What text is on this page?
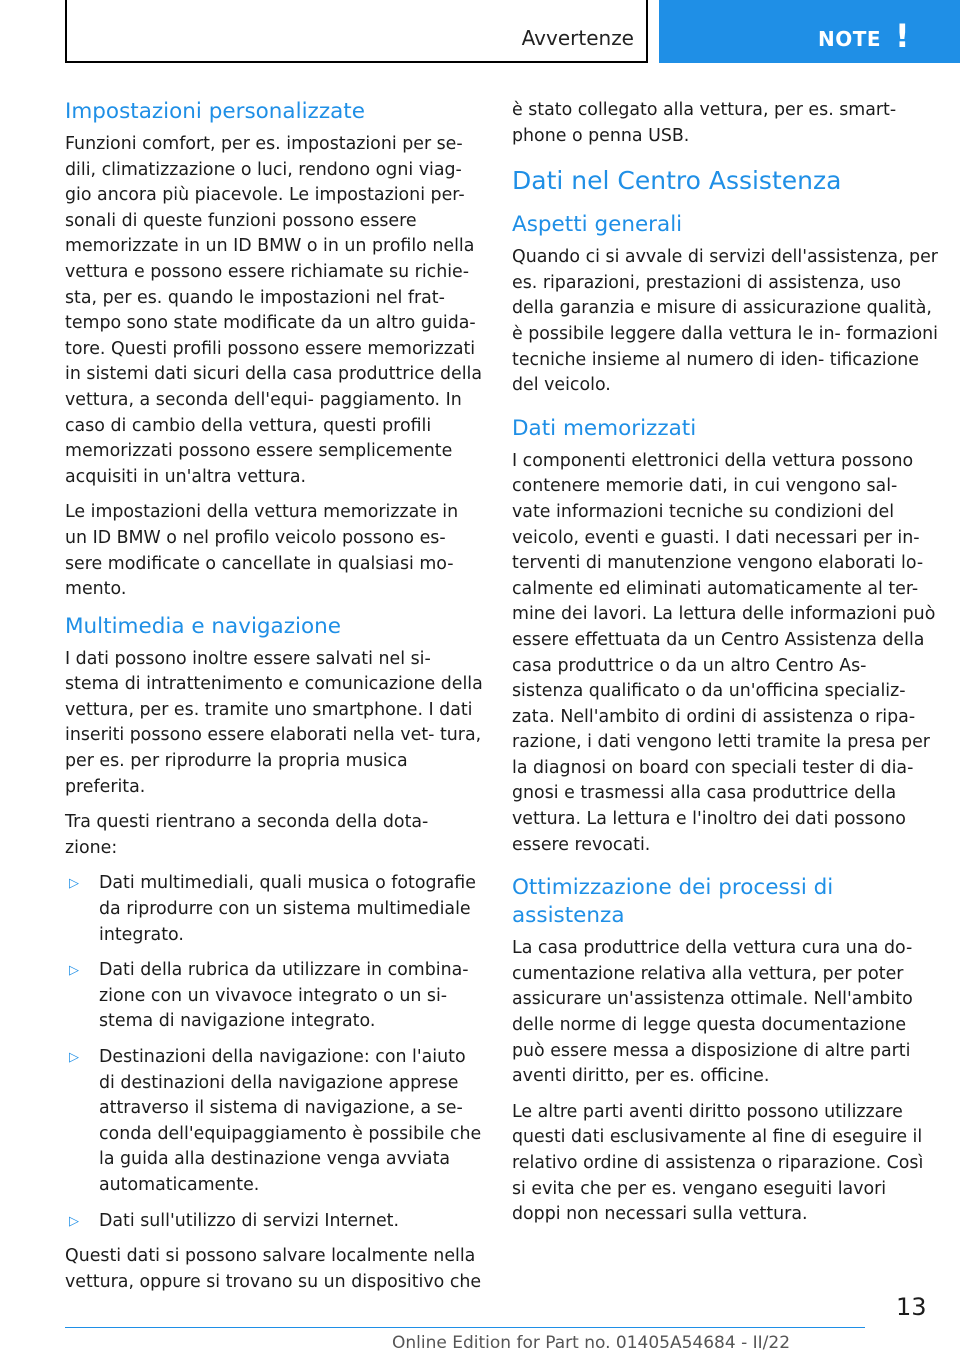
Avvertenze	NOTE !
Impostazioni personalizzate

Funzioni comfort, per es. impostazioni per se- dili, climatizzazione o luci, rendono ogni viag- gio ancora più piacevole. Le impostazioni per- sonali di queste funzioni possono essere memorizzate in un ID BMW o in un profilo nella vettura e possono essere richiamate su richie- sta, per es. quando le impostazioni nel frat- tempo sono state modificate da un altro guida- tore. Questi profili possono essere memorizzati in sistemi dati sicuri della casa produttrice della vettura, a seconda dell'equi- paggiamento. In caso di cambio della vettura, questi profili memorizzati possono essere semplicemente acquisiti in un'altra vettura.

Le impostazioni della vettura memorizzate in un ID BMW o nel profilo veicolo possono es- sere modificate o cancellate in qualsiasi mo- mento.

Multimedia e navigazione

I dati possono inoltre essere salvati nel si- stema di intrattenimento e comunicazione della vettura, per es. tramite uno smartphone. I dati inseriti possono essere elaborati nella vet- tura, per es. per riprodurre la propria musica preferita.

Tra questi rientrano a seconda della dota- zione:

▷	Dati multimediali, quali musica o fotografie da riprodurre con un sistema multimediale integrato.
▷	Dati della rubrica da utilizzare in combina- zione con un vivavoce integrato o un si- stema di navigazione integrato.
▷	Destinazioni della navigazione: con l'aiuto di destinazioni della navigazione apprese attraverso il sistema di navigazione, a se- conda dell'equipaggiamento è possibile che la guida alla destinazione venga avviata automaticamente.
▷	Dati sull'utilizzo di servizi Internet.

Questi dati si possono salvare localmente nella vettura, oppure si trovano su un dispositivo che

è stato collegato alla vettura, per es. smart- phone o penna USB.

Dati nel Centro Assistenza
Aspetti generali

Quando ci si avvale di servizi dell'assistenza, per es. riparazioni, prestazioni di assistenza, uso della garanzia e misure di assicurazione qualità, è possibile leggere dalla vettura le in- formazioni tecniche insieme al numero di iden- tificazione del veicolo.

Dati memorizzati

I componenti elettronici della vettura possono contenere memorie dati, in cui vengono sal- vate informazioni tecniche su condizioni del veicolo, eventi e guasti. I dati necessari per in- terventi di manutenzione vengono elaborati lo- calmente ed eliminati automaticamente al ter- mine dei lavori. La lettura delle informazioni può essere effettuata da un Centro Assistenza della casa produttrice o da un altro Centro As- sistenza qualificato o da un'officina specializ- zata. Nell'ambito di ordini di assistenza o ripa- razione, i dati vengono letti tramite la presa per la diagnosi on board con speciali tester di dia- gnosi e trasmessi alla casa produttrice della vettura. La lettura e l'inoltro dei dati possono essere revocati.

Ottimizzazione dei processi di assistenza

La casa produttrice della vettura cura una do- cumentazione relativa alla vettura, per poter assicurare un'assistenza ottimale. Nell'ambito delle norme di legge questa documentazione può essere messa a disposizione di altre parti aventi diritto, per es. officine.

Le altre parti aventi diritto possono utilizzare questi dati esclusivamente al fine di eseguire il relativo ordine di assistenza o riparazione. Così si evita che per es. vengano eseguiti lavori doppi non necessari sulla vettura.

13
Online Edition for Part no. 01405A54684 - II/22
